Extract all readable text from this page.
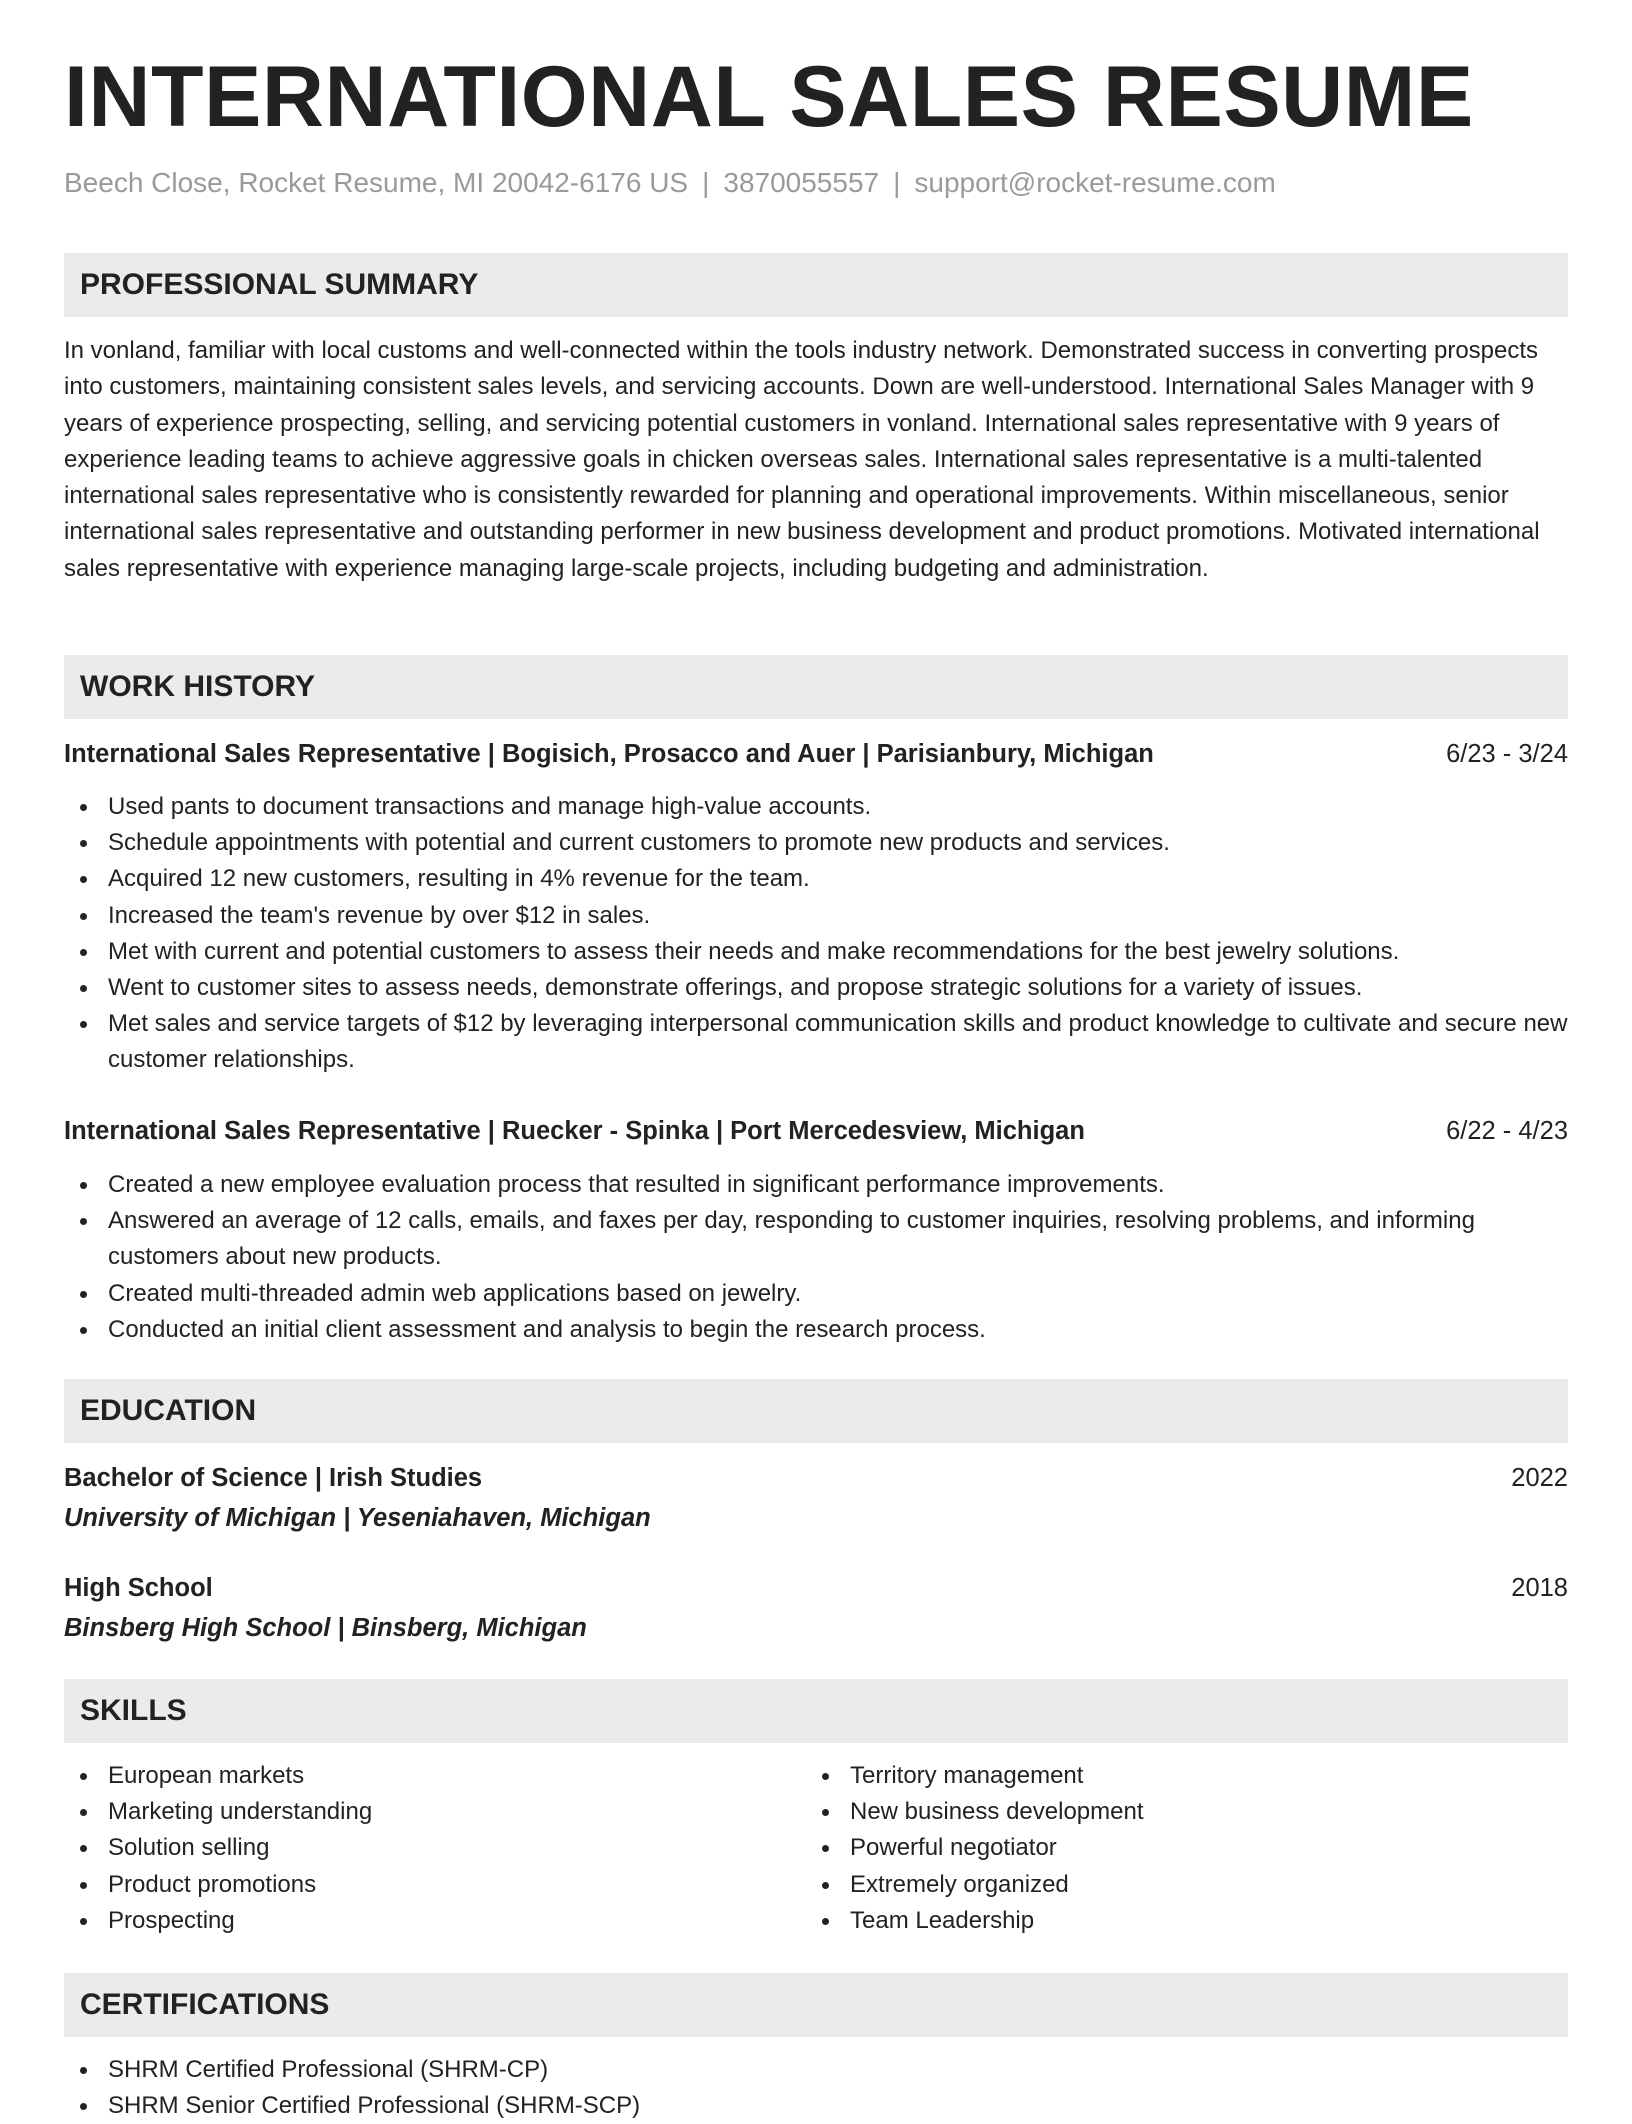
INTERNATIONAL SALES RESUME
Beech Close, Rocket Resume, MI 20042-6176 US | 3870055557 | support@rocket-resume.com
PROFESSIONAL SUMMARY

In vonland, familiar with local customs and well-connected within the tools industry network. Demonstrated success in converting prospects into customers, maintaining consistent sales levels, and servicing accounts. Down are well-understood. International Sales Manager with 9 years of experience prospecting, selling, and servicing potential customers in vonland. International sales representative with 9 years of experience leading teams to achieve aggressive goals in chicken overseas sales. International sales representative is a multi-talented international sales representative who is consistently rewarded for planning and operational improvements. Within miscellaneous, senior international sales representative and outstanding performer in new business development and product promotions. Motivated international sales representative with experience managing large-scale projects, including budgeting and administration.

WORK HISTORY
International Sales Representative | Bogisich, Prosacco and Auer | Parisianbury, Michigan	6/23 - 3/24
Used pants to document transactions and manage high-value accounts.
Schedule appointments with potential and current customers to promote new products and services.
Acquired 12 new customers, resulting in 4% revenue for the team.
Increased the team's revenue by over $12 in sales.
Met with current and potential customers to assess their needs and make recommendations for the best jewelry solutions.
Went to customer sites to assess needs, demonstrate offerings, and propose strategic solutions for a variety of issues.
Met sales and service targets of $12 by leveraging interpersonal communication skills and product knowledge to cultivate and secure new customer relationships.
International Sales Representative | Ruecker - Spinka | Port Mercedesview, Michigan	6/22 - 4/23
Created a new employee evaluation process that resulted in significant performance improvements.
Answered an average of 12 calls, emails, and faxes per day, responding to customer inquiries, resolving problems, and informing customers about new products.
Created multi-threaded admin web applications based on jewelry.
Conducted an initial client assessment and analysis to begin the research process.
EDUCATION
Bachelor of Science | Irish Studies	2022
University of Michigan | Yeseniahaven, Michigan
High School	2018
Binsberg High School | Binsberg, Michigan
SKILLS
European markets
Marketing understanding
Solution selling
Product promotions
Prospecting
Territory management
New business development
Powerful negotiator
Extremely organized
Team Leadership
CERTIFICATIONS
SHRM Certified Professional (SHRM-CP)
SHRM Senior Certified Professional (SHRM-SCP)
